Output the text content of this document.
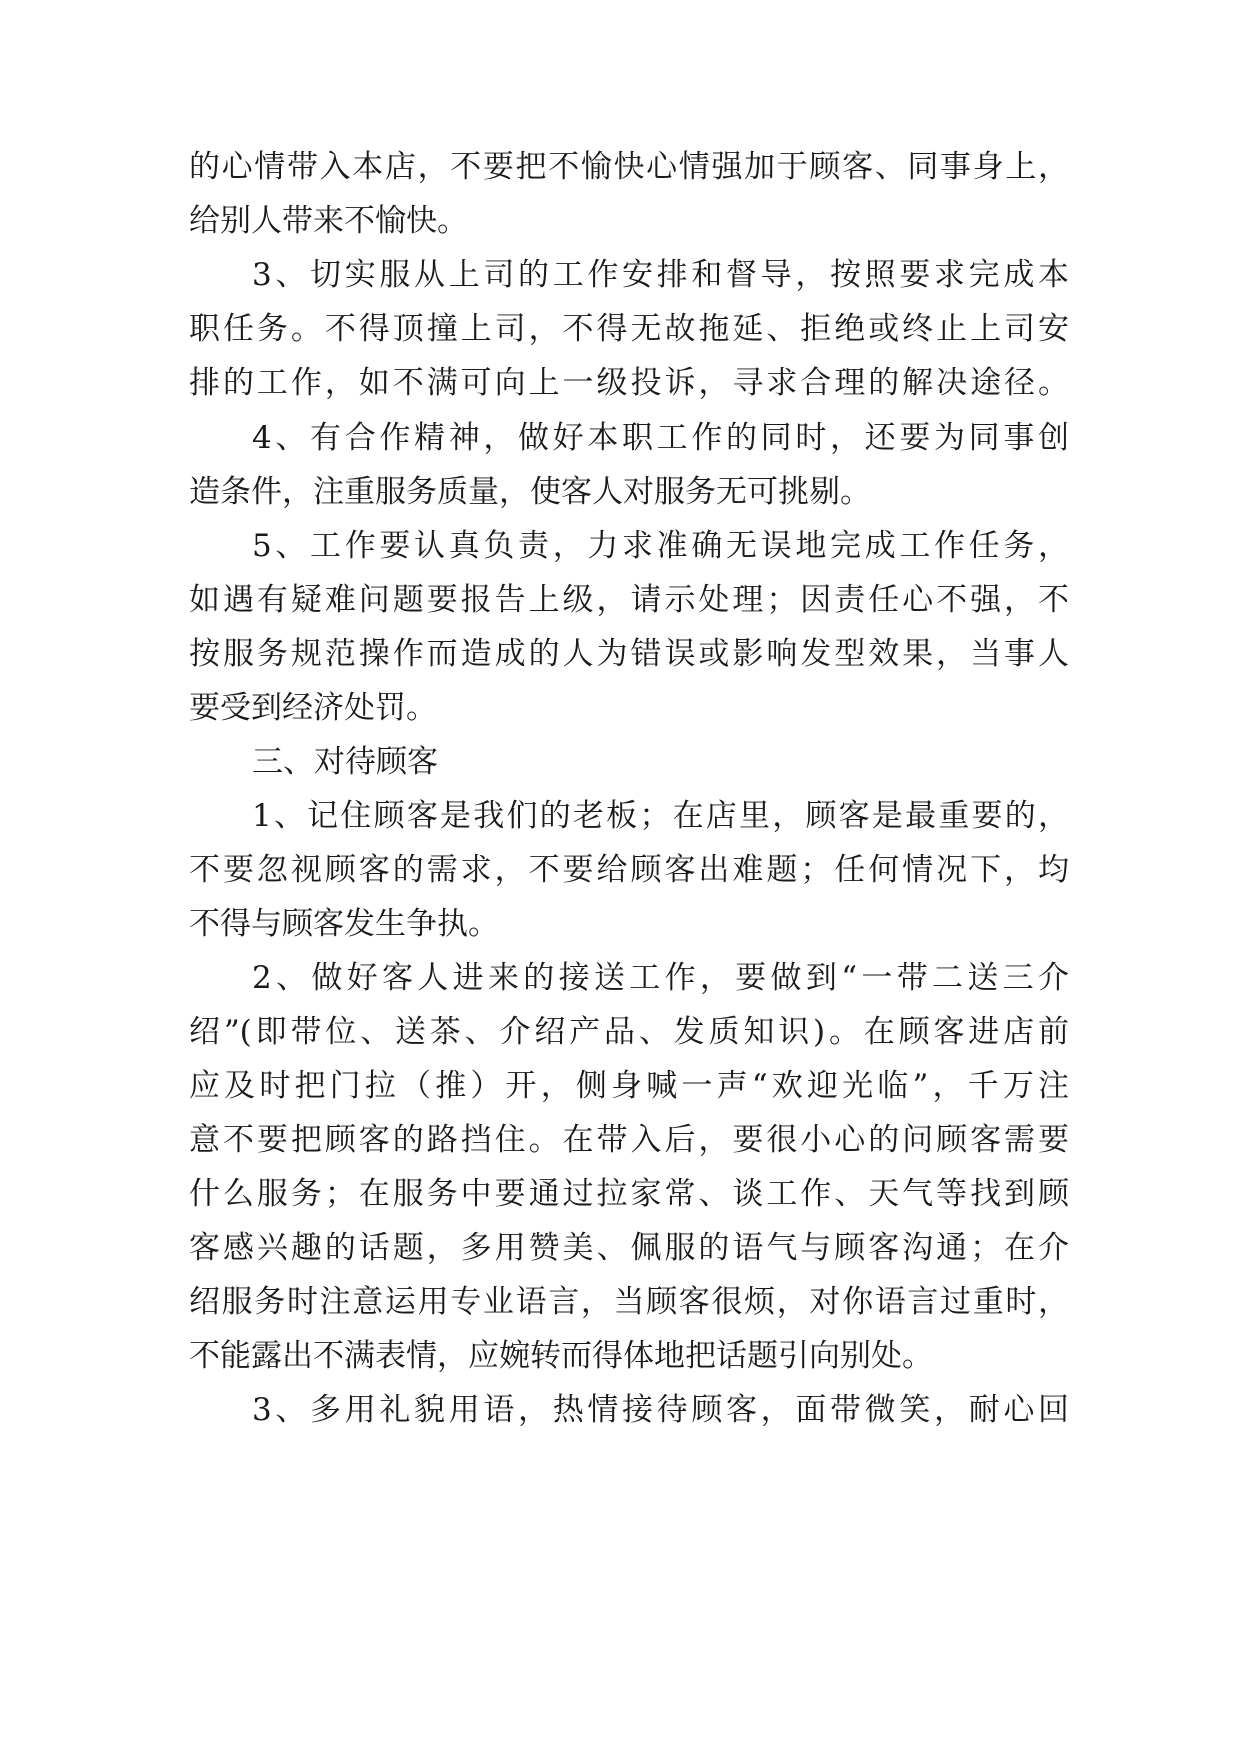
的心情带入本店，不要把不愉快心情强加于顾客、同事身上，
给别人带来不愉快。
3、切实服从上司的工作安排和督导，按照要求完成本
职任务。不得顶撞上司，不得无故拖延、拒绝或终止上司安
排的工作，如不满可向上一级投诉，寻求合理的解决途径。
4、有合作精神，做好本职工作的同时，还要为同事创
造条件，注重服务质量，使客人对服务无可挑剔。
5、工作要认真负责，力求准确无误地完成工作任务，
如遇有疑难问题要报告上级，请示处理；因责任心不强，不
按服务规范操作而造成的人为错误或影响发型效果，当事人
要受到经济处罚。
三、对待顾客
1、记住顾客是我们的老板；在店里，顾客是最重要的，
不要忽视顾客的需求，不要给顾客出难题；任何情况下，均
不得与顾客发生争执。
2、做好客人进来的接送工作，要做到“一带二送三介
绍”(即带位、送茶、介绍产品、发质知识)。在顾客进店前
应及时把门拉（推）开，侧身喊一声“欢迎光临”，千万注
意不要把顾客的路挡住。在带入后，要很小心的问顾客需要
什么服务；在服务中要通过拉家常、谈工作、天气等找到顾
客感兴趣的话题，多用赞美、佩服的语气与顾客沟通；在介
绍服务时注意运用专业语言，当顾客很烦，对你语言过重时，
不能露出不满表情，应婉转而得体地把话题引向别处。
3、多用礼貌用语，热情接待顾客，面带微笑，耐心回
